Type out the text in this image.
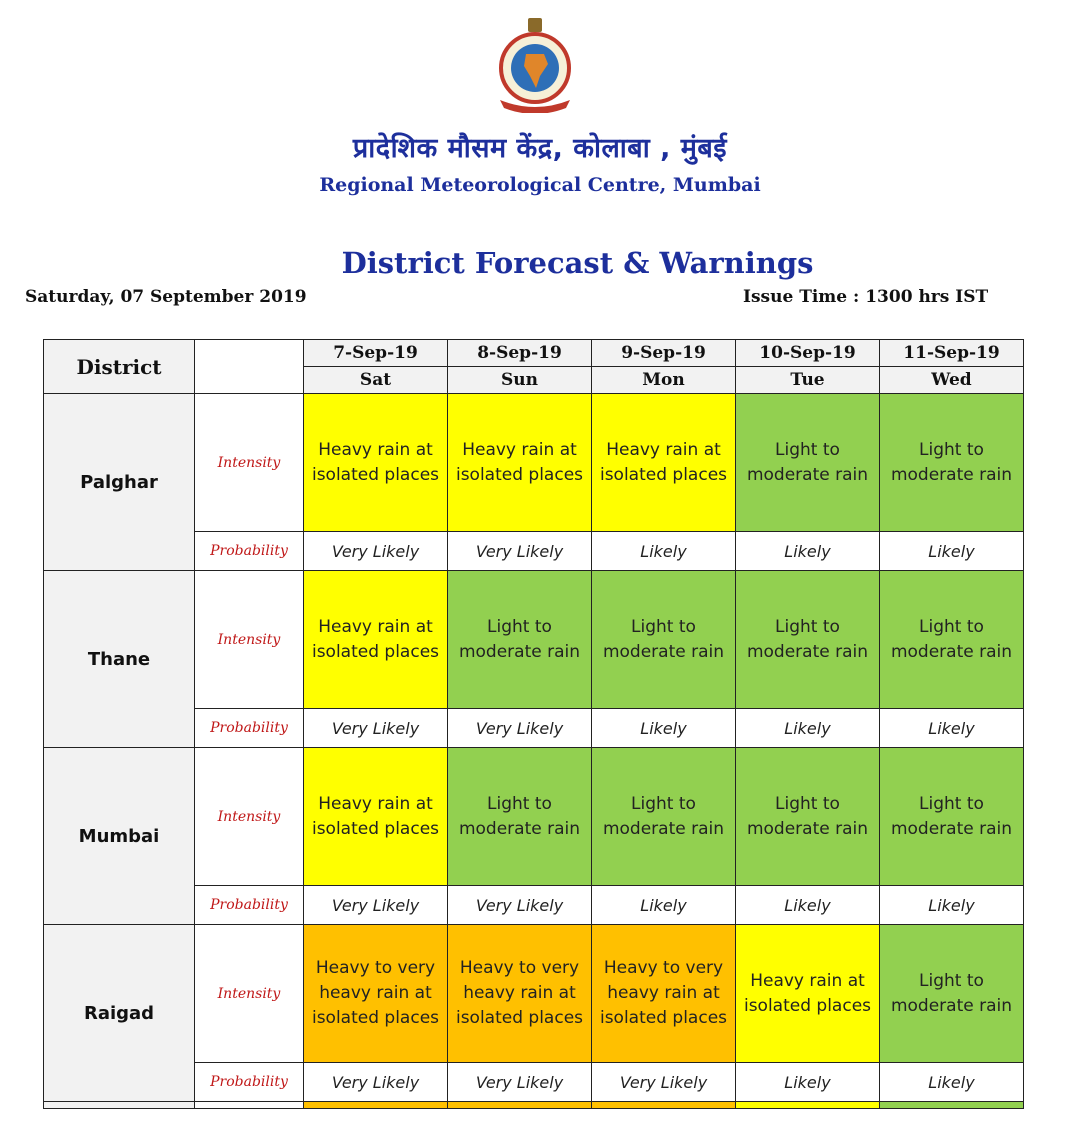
प्रादेशिक मौसम केंद्र, कोलाबा , मुंबई
Regional Meteorological Centre, Mumbai
District Forecast & Warnings
Saturday, 07 September 2019	Issue Time : 1300 hrs IST
District		7-Sep-19	8-Sep-19	9-Sep-19	10-Sep-19	11-Sep-19
		Sat	Sun	Mon	Tue	Wed
Palghar	Intensity	Heavy rain at isolated places	Heavy rain at isolated places	Heavy rain at isolated places	Light to moderate rain	Light to moderate rain
	Probability	Very Likely	Very Likely	Likely	Likely	Likely
Thane	Intensity	Heavy rain at isolated places	Light to moderate rain	Light to moderate rain	Light to moderate rain	Light to moderate rain
	Probability	Very Likely	Very Likely	Likely	Likely	Likely
Mumbai	Intensity	Heavy rain at isolated places	Light to moderate rain	Light to moderate rain	Light to moderate rain	Light to moderate rain
	Probability	Very Likely	Very Likely	Likely	Likely	Likely
Raigad	Intensity	Heavy to very heavy rain at isolated places	Heavy to very heavy rain at isolated places	Heavy to very heavy rain at isolated places	Heavy rain at isolated places	Light to moderate rain
	Probability	Very Likely	Very Likely	Very Likely	Likely	Likely
